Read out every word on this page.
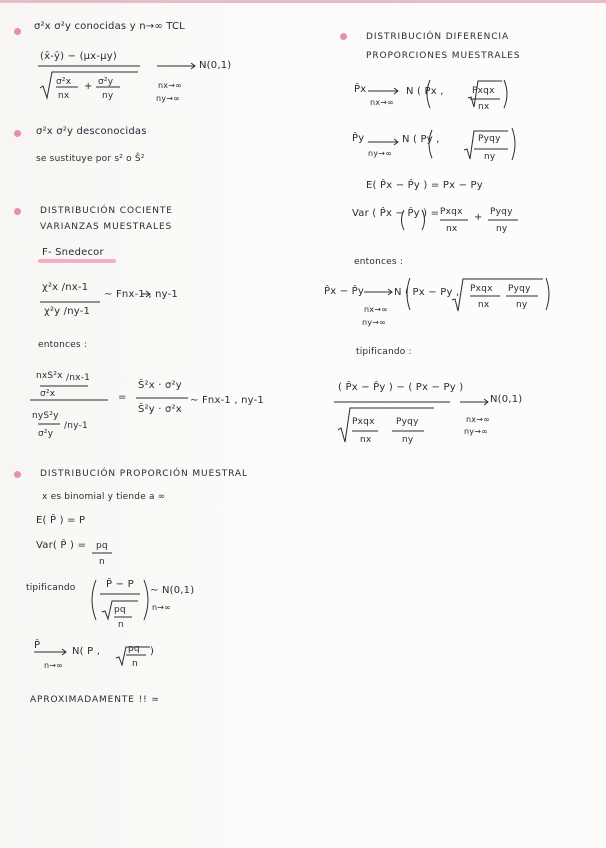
σ²x σ²y conocidas y n→∞ TCL
(x̄-ȳ) − (μx-μy)
σ²x
nx
+ σ²y
ny
N(0,1)
nx→∞
ny→∞
σ²x σ²y desconocidas
se sustituye por s² o Ŝ²
DISTRIBUCIÓN COCIENTE
VARIANZAS MUESTRALES
F- Snedecor
χ²x /nx-1
χ²y /ny-1
∼ Fnx-1 , ny-1
entonces :
nxS²x
σ²x
/nx-1
nyS²y
σ²y
/ny-1
=
Ŝ²x · σ²y
Ŝ²y · σ²x
∼ Fnx-1 , ny-1
DISTRIBUCIÓN PROPORCIÓN MUESTRAL
x es binomial y tiende a ∞
E( P̂ ) = P
Var( P̂ ) = pq
n
tipificando	P̂ − P
pq
n
∼ N(0,1)
n→∞
P̂
n→∞
N( P ,	pq
n
)
APROXIMADAMENTE !! ≃
DISTRIBUCIÓN DIFERENCIA
PROPORCIONES MUESTRALES
P̂x
nx→∞
N ( Px ,	Pxqx
nx
P̂y
ny→∞
N ( Py ,	Pyqy
ny
E( P̂x − P̂y ) = Px − Py
Var ( P̂x − P̂y ) = Pxqx
nx
+ Pyqy
ny
entonces :
P̂x − P̂y	N ( Px − Py , Pxqx
nx
Pyqy
ny
nx→∞
ny→∞
tipificando :
( P̂x − P̂y ) − ( Px − Py )
Pxqx
nx
Pyqy
ny
N(0,1)
nx→∞
ny→∞
